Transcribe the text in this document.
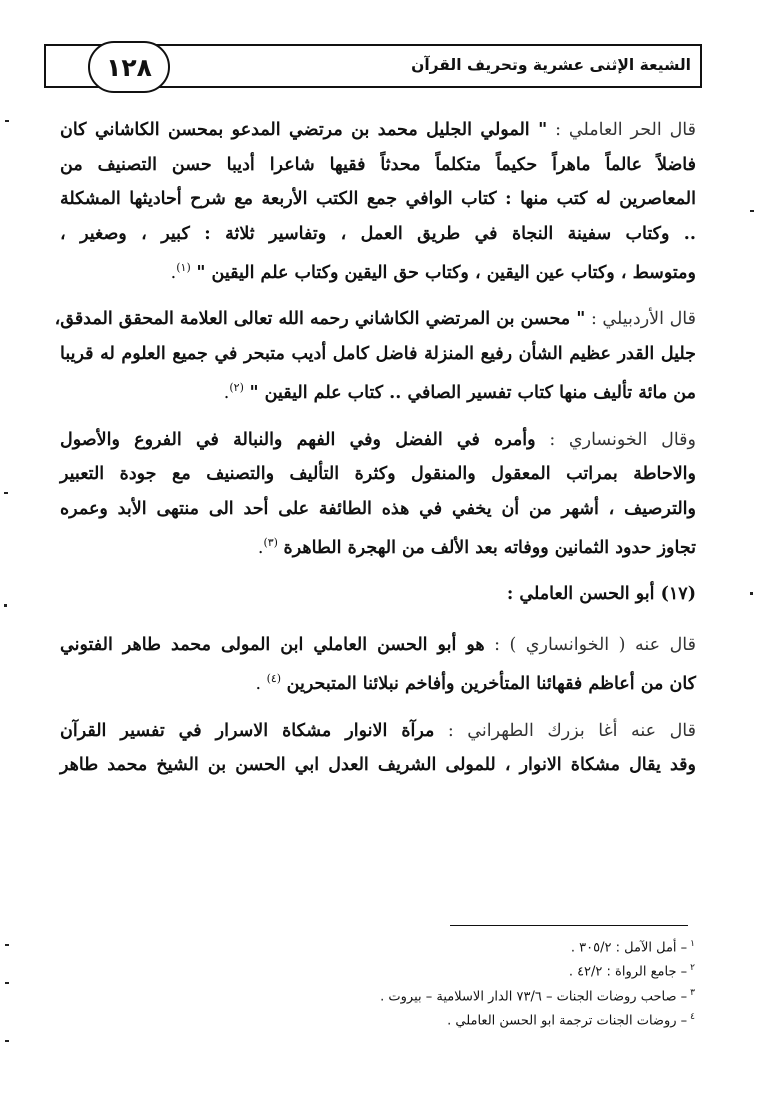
١٢٨	الشيعة الإثنى عشرية وتحريف القرآن
قال الحر العاملي : " المولي الجليل محمد بن مرتضي المدعو بمحسن الكاشاني كان
فاضلاً عالماً ماهراً حكيماً متكلماً محدثاً فقيها شاعرا أديبا حسن التصنيف من
المعاصرين له كتب منها : كتاب الوافي جمع الكتب الأربعة مع شرح أحاديثها المشكلة
.. وكتاب سفينة النجاة في طريق العمل ، وتفاسير ثلاثة : كبير ، وصغير ،
ومتوسط ، وكتاب عين اليقين ، وكتاب حق اليقين وكتاب علم اليقين " $^{(١)}$.
قال الأردبيلي : " محسن بن المرتضي الكاشاني رحمه الله تعالى العلامة المحقق المدقق،
جليل القدر عظيم الشأن رفيع المنزلة فاضل كامل أديب متبحر في جميع العلوم له قريبا
من مائة تأليف منها كتاب تفسير الصافي .. كتاب علم اليقين " $^{(٢)}$.
وقال الخونساري : وأمره في الفضل وفي الفهم والنبالة في الفروع والأصول
والاحاطة بمراتب المعقول والمنقول وكثرة التأليف والتصنيف مع جودة التعبير
والترصيف ، أشهر من أن يخفي في هذه الطائفة على أحد الى منتهى الأبد وعمره
تجاوز حدود الثمانين ووفاته بعد الألف من الهجرة الطاهرة $^{(٣)}$.
(١٧) أبو الحسن العاملي :
قال عنه ( الخوانساري ) : هو أبو الحسن العاملي ابن المولى محمد طاهر الفتوني
كان من أعاظم فقهائنا المتأخرين وأفاخم نبلائنا المتبحرين $^{(٤)}$ .
قال عنه أغا بزرك الطهراني : مرآة الانوار مشكاة الاسرار في تفسير القرآن
وقد يقال مشكاة الانوار ، للمولى الشريف العدل ابي الحسن بن الشيخ محمد طاهر
$^١$– أمل الآمل : ٣٠٥/٢ .
$^٢$– جامع الرواة : ٤٢/٢ .
$^٣$– صاحب روضات الجنات – ٧٣/٦ الدار الاسلامية – بيروت .
$^٤$– روضات الجنات ترجمة ابو الحسن العاملي .
